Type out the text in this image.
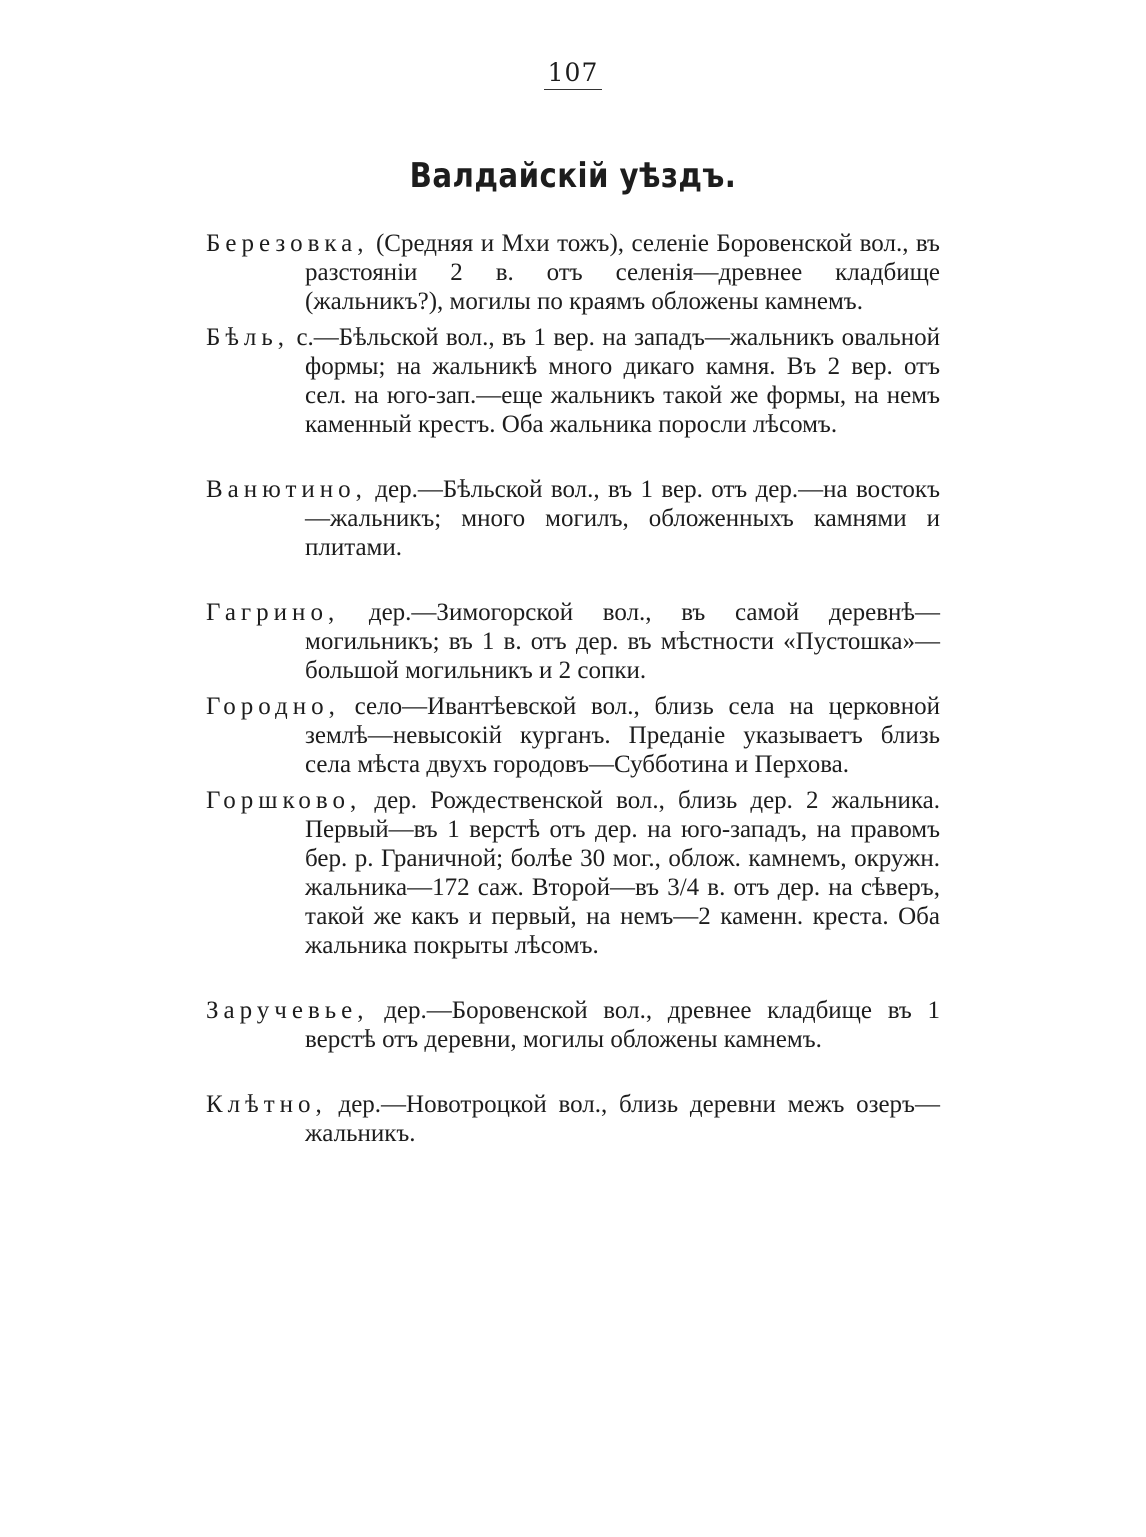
107
Валдайскій уѣздъ.

Березовка, (Средняя и Мхи тожъ), селеніе Боровенской вол., въ разстояніи 2 в. отъ селенія—древнее кладбище (жальникъ?), могилы по краямъ обложены камнемъ.

Бѣль, с.—Бѣльской вол., въ 1 вер. на западъ—жальникъ овальной формы; на жальникѣ много дикаго камня. Въ 2 вер. отъ сел. на юго-зап.—еще жальникъ такой же формы, на немъ каменный крестъ. Оба жальника поросли лѣсомъ.

Ванютино, дер.—Бѣльской вол., въ 1 вер. отъ дер.—на востокъ—жальникъ; много могилъ, обложенныхъ камнями и плитами.

Гагрино, дер.—Зимогорской вол., въ самой деревнѣ—могильникъ; въ 1 в. отъ дер. въ мѣстности «Пустошка»—большой могильникъ и 2 сопки.

Городно, село—Ивантѣевской вол., близь села на церковной землѣ—невысокій курганъ. Преданіе указываетъ близь села мѣста двухъ городовъ—Субботина и Перхова.

Горшково, дер. Рождественской вол., близь дер. 2 жальника. Первый—въ 1 верстѣ отъ дер. на юго-западъ, на правомъ бер. р. Граничной; болѣе 30 мог., облож. камнемъ, окружн. жальника—172 саж. Второй—въ 3/4 в. отъ дер. на сѣверъ, такой же какъ и первый, на немъ—2 каменн. креста. Оба жальника покрыты лѣсомъ.

Заручевье, дер.—Боровенской вол., древнее кладбище въ 1 верстѣ отъ деревни, могилы обложены камнемъ.

Клѣтно, дер.—Новотроцкой вол., близь деревни межъ озеръ—жальникъ.
